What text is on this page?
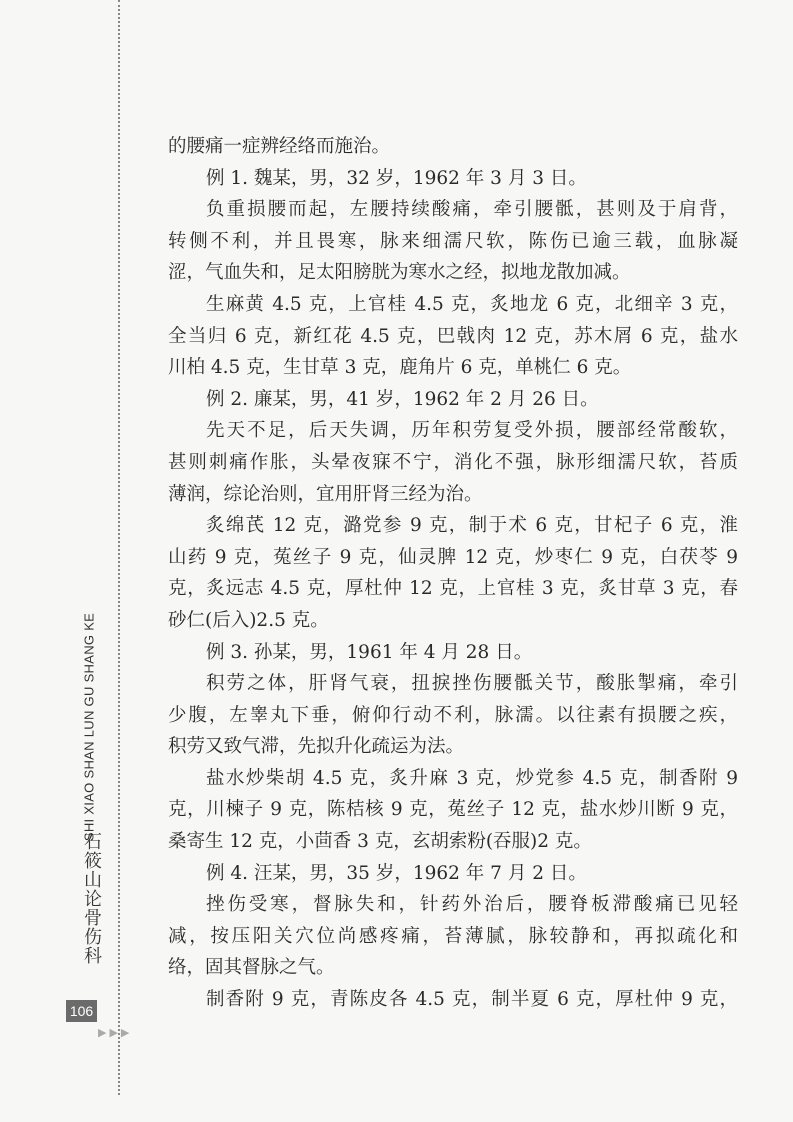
SHI XIAO SHAN LUN GU SHANG KE
石筱山论骨伤科
106
▶▶▶
的腰痛一症辨经络而施治。
例 1. 魏某，男，32 岁，1962 年 3 月 3 日。
负重损腰而起，左腰持续酸痛，牵引腰骶，甚则及于肩背，
转侧不利，并且畏寒，脉来细濡尺软，陈伤已逾三载，血脉凝
涩，气血失和，足太阳膀胱为寒水之经，拟地龙散加减。
生麻黄 4.5 克，上官桂 4.5 克，炙地龙 6 克，北细辛 3 克，
全当归 6 克，新红花 4.5 克，巴戟肉 12 克，苏木屑 6 克，盐水
川柏 4.5 克，生甘草 3 克，鹿角片 6 克，单桃仁 6 克。
例 2. 廉某，男，41 岁，1962 年 2 月 26 日。
先天不足，后天失调，历年积劳复受外损，腰部经常酸软，
甚则刺痛作胀，头晕夜寐不宁，消化不强，脉形细濡尺软，苔质
薄润，综论治则，宜用肝肾三经为治。
炙绵芪 12 克，潞党参 9 克，制于术 6 克，甘杞子 6 克，淮
山药 9 克，菟丝子 9 克，仙灵脾 12 克，炒枣仁 9 克，白茯苓 9
克，炙远志 4.5 克，厚杜仲 12 克，上官桂 3 克，炙甘草 3 克，春
砂仁(后入)2.5 克。
例 3. 孙某，男，1961 年 4 月 28 日。
积劳之体，肝肾气衰，扭捩挫伤腰骶关节，酸胀掣痛，牵引
少腹，左睾丸下垂，俯仰行动不利，脉濡。以往素有损腰之疾，
积劳又致气滞，先拟升化疏运为法。
盐水炒柴胡 4.5 克，炙升麻 3 克，炒党参 4.5 克，制香附 9
克，川楝子 9 克，陈桔核 9 克，菟丝子 12 克，盐水炒川断 9 克，
桑寄生 12 克，小茴香 3 克，玄胡索粉(吞服)2 克。
例 4. 汪某，男，35 岁，1962 年 7 月 2 日。
挫伤受寒，督脉失和，针药外治后，腰脊板滞酸痛已见轻
减，按压阳关穴位尚感疼痛，苔薄腻，脉较静和，再拟疏化和
络，固其督脉之气。
制香附 9 克，青陈皮各 4.5 克，制半夏 6 克，厚杜仲 9 克，
